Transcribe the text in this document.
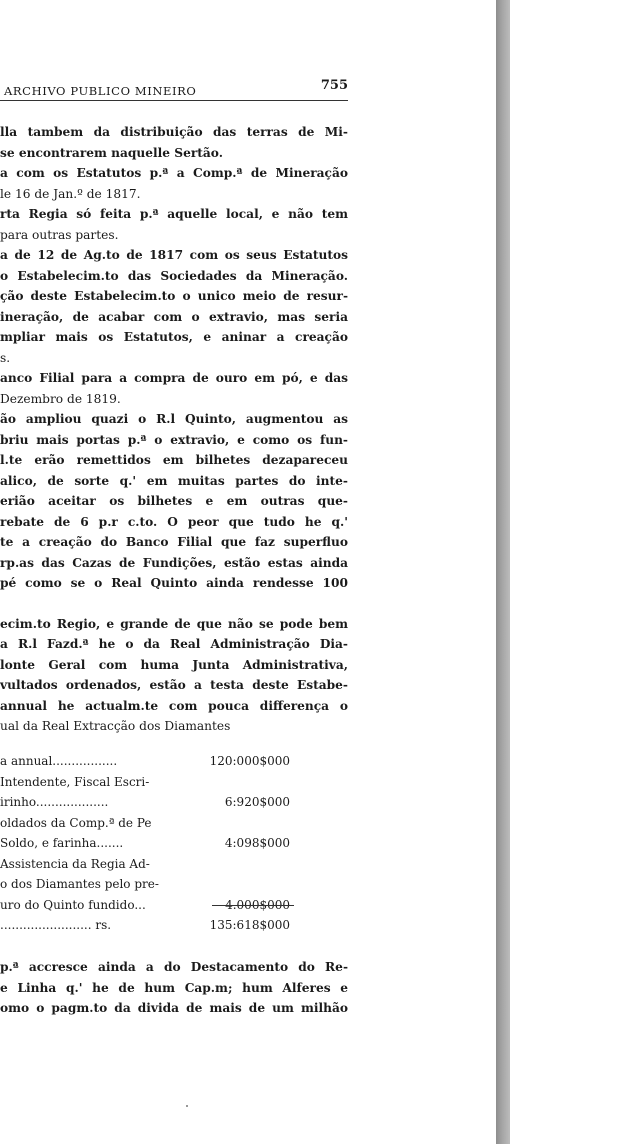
ARCHIVO PUBLICO MINEIRO	755
lla tambem da distribuição das terras de Mi-
se encontrarem naquelle Sertão.
a com os Estatutos p.ª a Comp.ª de Mineração
le 16 de Jan.º de 1817.
rta Regia só feita p.ª aquelle local, e não tem
para outras partes.
a de 12 de Ag.to de 1817 com os seus Estatutos
o Estabelecim.to das Sociedades da Mineração.
ção deste Estabelecim.to o unico meio de resur-
ineração, de acabar com o extravio, mas seria
mpliar mais os Estatutos, e aninar a creação
s.
anco Filial para a compra de ouro em pó, e das
Dezembro de 1819.
ão ampliou quazi o R.l Quinto, augmentou as
briu mais portas p.ª o extravio, e como os fun-
l.te erão remettidos em bilhetes dezapareceu
alico, de sorte q.' em muitas partes do inte-
erião aceitar os bilhetes e em outras que-
rebate de 6 p.r c.to. O peor que tudo he q.'
te a creação do Banco Filial que faz superfluo
rp.as das Cazas de Fundições, estão estas ainda
pé como se o Real Quinto ainda rendesse 100
ecim.to Regio, e grande de que não se pode bem
a R.l Fazd.ª he o da Real Administração Dia-
lonte Geral com huma Junta Administrativa,
vultados ordenados, estão a testa deste Estabe-
annual he actualm.te com pouca differença o
ual da Real Extracção dos Diamantes
a annual.................	120:000$000
Intendente, Fiscal Escri-
irinho...................	6:920$000
oldados da Comp.ª de Pe
Soldo, e farinha.......	4:098$000
Assistencia da Regia Ad-
o dos Diamantes pelo pre-
uro do Quinto fundido...	4.000$000
........................ rs.	135:618$000
p.ª accresce ainda a do Destacamento do Re-
e Linha q.' he de hum Cap.m; hum Alferes e
omo o pagm.to da divida de mais de um milhão
